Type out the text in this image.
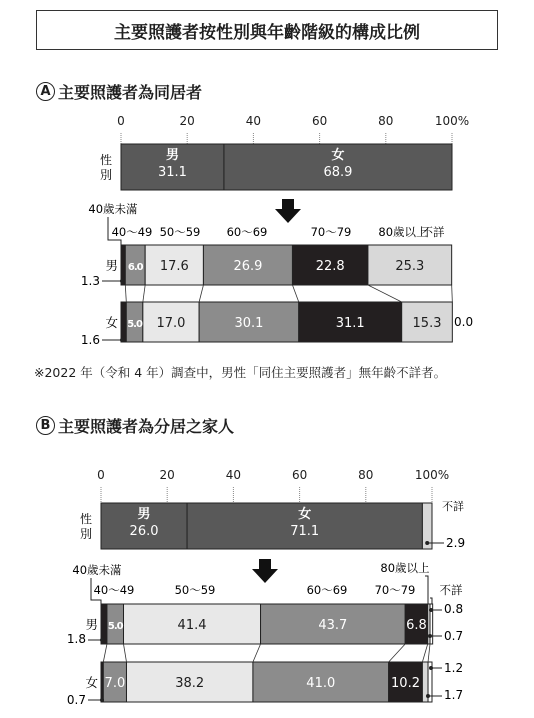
主要照護者按性別與年齡階級的構成比例
A 主要照護者為同居者
B 主要照護者為分居之家人
※2022 年（令和 4 年）調查中，男性「同住主要照護者」無年齡不詳者。
0	20	40	60	80	100%
性
別
男
31.1
女
68.9
40歲未滿
40～49 50～59 60～69	70～79 80歲以上
不詳
男
1.3
6.0 17.6	26.9	22.8	25.3
女
1.6
5.0 17.0	30.1	31.1	15.3 0.0
0	20	40	60	80	100%
性
別
男
26.0
女
71.1
不詳
2.9
40歲未滿
40～49	50～59	60～69 70～79
80歲以上
不詳
男
1.8
5.0	41.4	43.7	6.8
0.7
0.8
女
0.7
7.0	38.2	41.0	10.2
1.7
1.2
